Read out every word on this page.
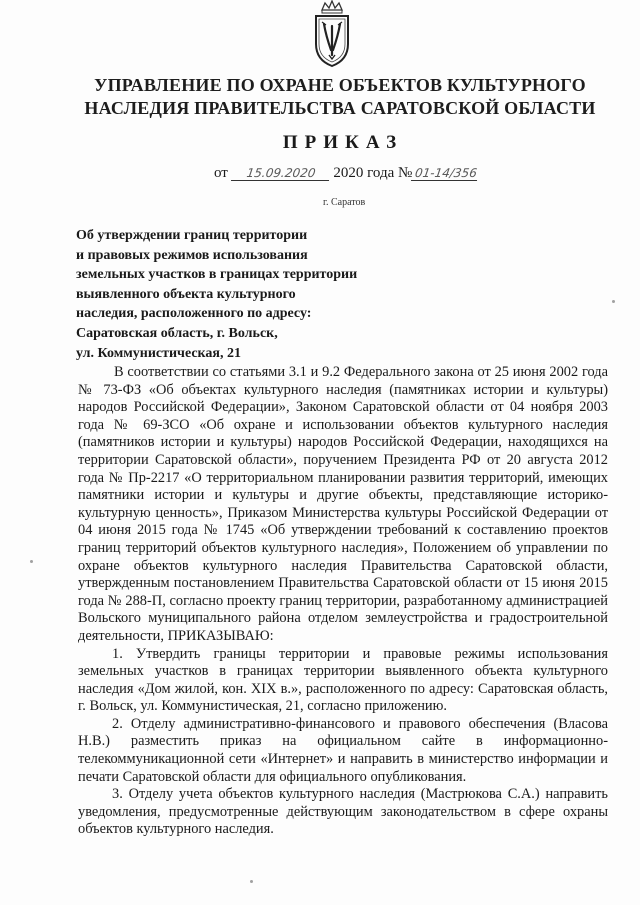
УПРАВЛЕНИЕ ПО ОХРАНЕ ОБЪЕКТОВ КУЛЬТУРНОГО
НАСЛЕДИЯ ПРАВИТЕЛЬСТВА САРАТОВСКОЙ ОБЛАСТИ
ПРИКАЗ
от 15.09.2020 2020 года № 01-14/356
г. Саратов
Об утверждении границ территории
и правовых режимов использования
земельных участков в границах территории
выявленного объекта культурного
наследия, расположенного по адресу:
Саратовская область, г. Вольск,
ул. Коммунистическая, 21

В соответствии со статьями 3.1 и 9.2 Федерального закона от 25 июня 2002 года № 73-ФЗ «Об объектах культурного наследия (памятниках истории и культуры) народов Российской Федерации», Законом Саратовской области от 04 ноября 2003 года № 69-ЗСО «Об охране и использовании объектов культурного наследия (памятников истории и культуры) народов Российской Федерации, находящихся на территории Саратовской области», поручением Президента РФ от 20 августа 2012 года № Пр-2217 «О территориальном планировании развития территорий, имеющих памятники истории и культуры и другие объекты, представляющие историко-культурную ценность», Приказом Министерства культуры Российской Федерации от 04 июня 2015 года № 1745 «Об утверждении требований к составлению проектов границ территорий объектов культурного наследия», Положением об управлении по охране объектов культурного наследия Правительства Саратовской области, утвержденным постановлением Правительства Саратовской области от 15 июня 2015 года № 288-П, согласно проекту границ территории, разработанному администрацией Вольского муниципального района отделом землеустройства и градостроительной деятельности, ПРИКАЗЫВАЮ:

1. Утвердить границы территории и правовые режимы использования земельных участков в границах территории выявленного объекта культурного наследия «Дом жилой, кон. XIX в.», расположенного по адресу: Саратовская область, г. Вольск, ул. Коммунистическая, 21, согласно приложению.

2. Отделу административно-финансового и правового обеспечения (Власова Н.В.) разместить приказ на официальном сайте в информационно-телекоммуникационной сети «Интернет» и направить в министерство информации и печати Саратовской области для официального опубликования.

3. Отделу учета объектов культурного наследия (Мастрюкова С.А.) направить уведомления, предусмотренные действующим законодательством в сфере охраны объектов культурного наследия.
